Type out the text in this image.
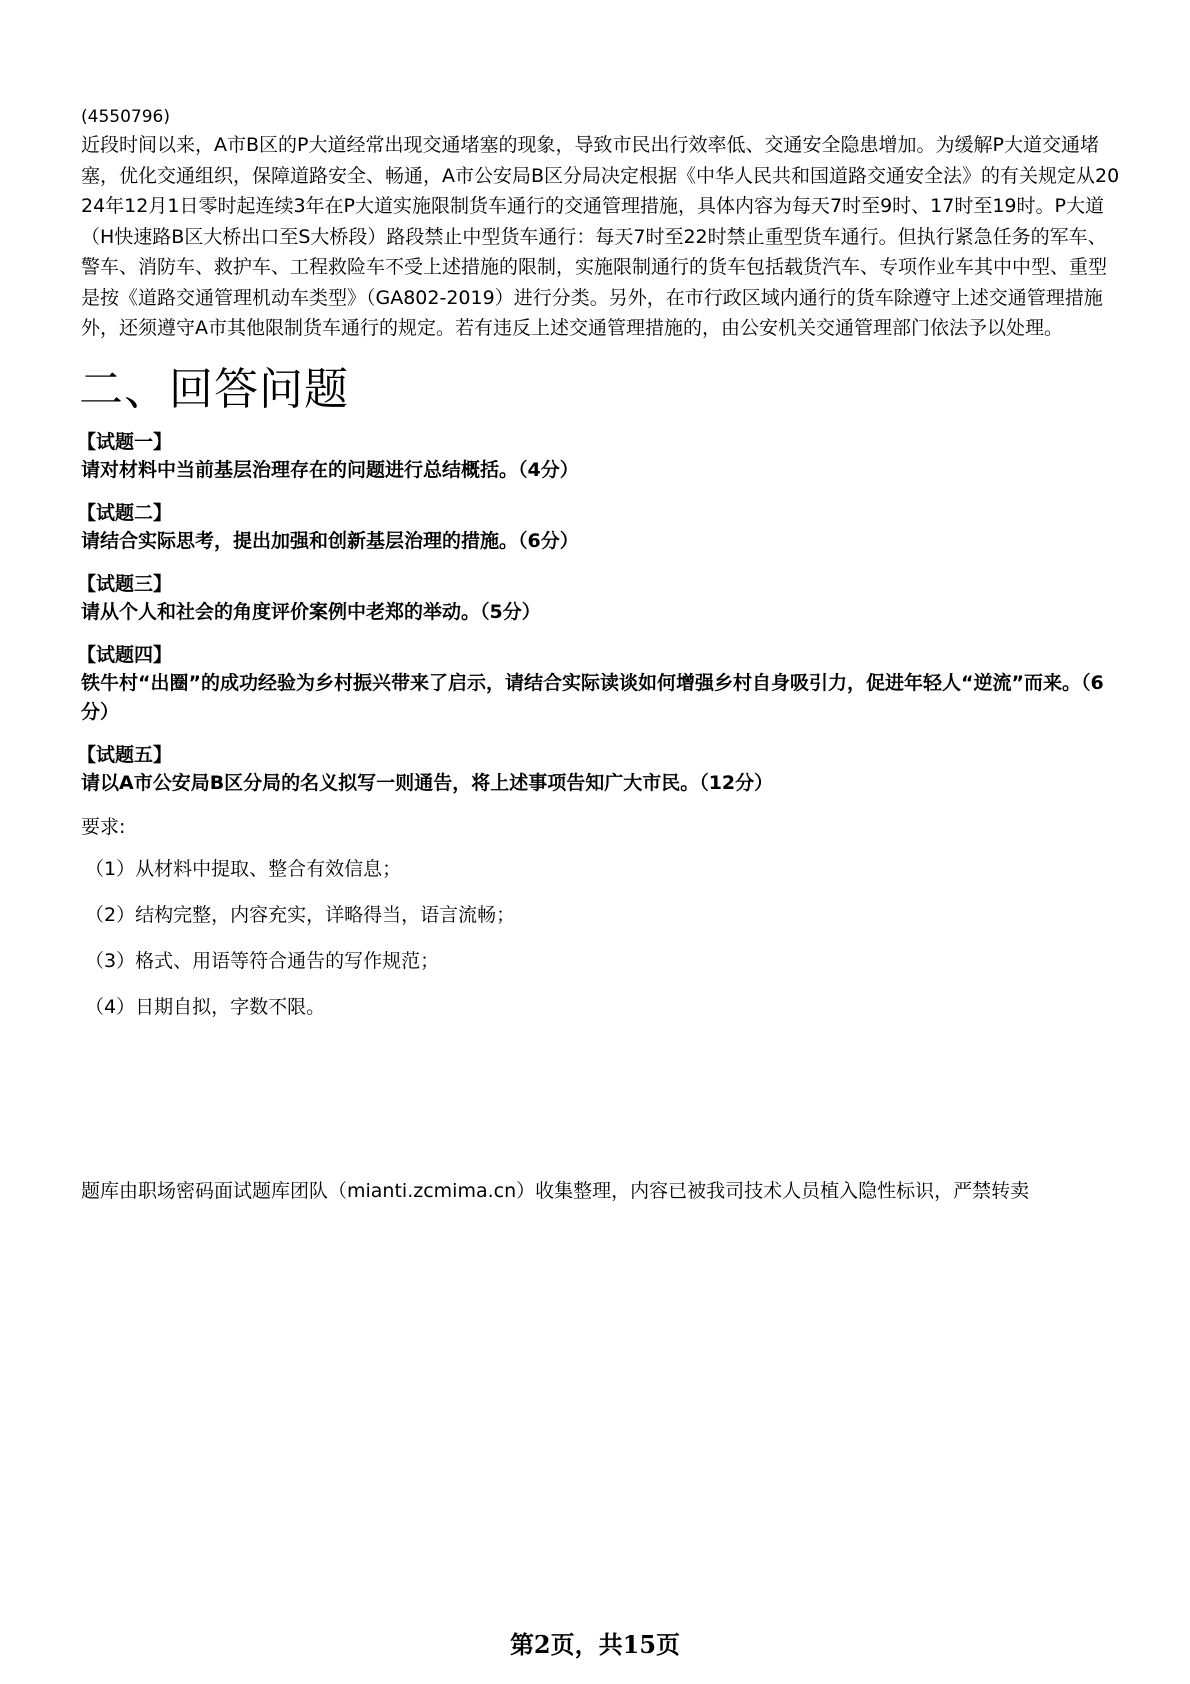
(4550796)

近段时间以来，A市B区的P大道经常出现交通堵塞的现象，导致市民出行效率低、交通安全隐患增加。为缓解P大道交通堵塞，优化交通组织，保障道路安全、畅通，A市公安局B区分局决定根据《中华人民共和国道路交通安全法》的有关规定从2024年12月1日零时起连续3年在P大道实施限制货车通行的交通管理措施，具体内容为每天7时至9时、17时至19时。P大道（H快速路B区大桥出口至S大桥段）路段禁止中型货车通行：每天7时至22时禁止重型货车通行。但执行紧急任务的军车、警车、消防车、救护车、工程救险车不受上述措施的限制，实施限制通行的货车包括载货汽车、专项作业车其中中型、重型是按《道路交通管理机动车类型》（GA802-2019）进行分类。另外，在市行政区域内通行的货车除遵守上述交通管理措施外，还须遵守A市其他限制货车通行的规定。若有违反上述交通管理措施的，由公安机关交通管理部门依法予以处理。

二、回答问题

【试题一】

请对材料中当前基层治理存在的问题进行总结概括。（4分）

【试题二】

请结合实际思考，提出加强和创新基层治理的措施。（6分）

【试题三】

请从个人和社会的角度评价案例中老郑的举动。（5分）

【试题四】

铁牛村“出圈”的成功经验为乡村振兴带来了启示，请结合实际读谈如何增强乡村自身吸引力，促进年轻人“逆流”而来。（6分）

【试题五】

请以A市公安局B区分局的名义拟写一则通告，将上述事项告知广大市民。（12分）

要求:

（1）从材料中提取、整合有效信息；

（2）结构完整，内容充实，详略得当，语言流畅；

（3）格式、用语等符合通告的写作规范；

（4）日期自拟，字数不限。

题库由职场密码面试题库团队（mianti.zcmima.cn）收集整理，内容已被我司技术人员植入隐性标识，严禁转卖

第2页，共15页
